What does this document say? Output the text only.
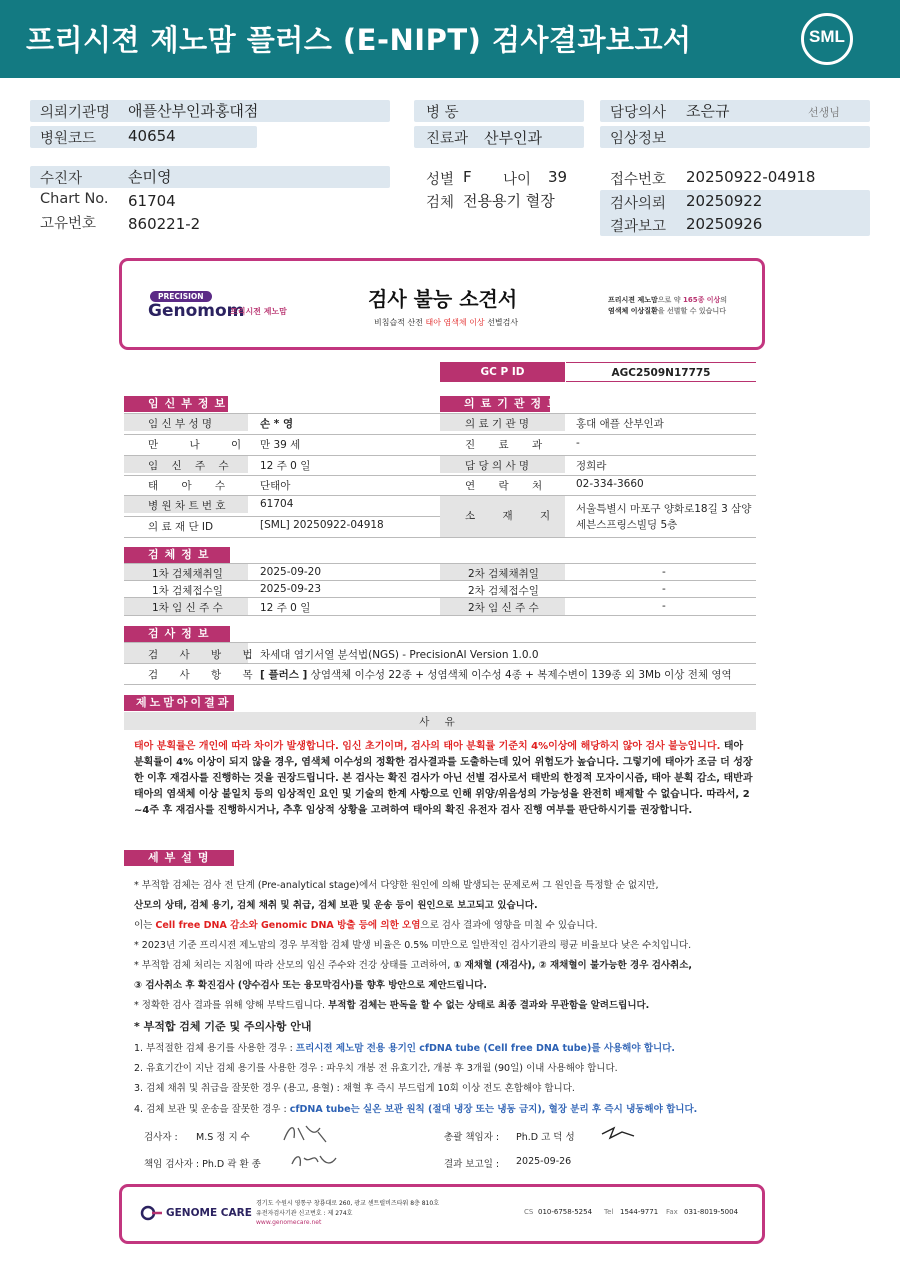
프리시젼 제노맘 플러스 (E-NIPT) 검사결과보고서	SML
의뢰기관명 애플산부인과홍대점
병원코드 40654
병 동
진료과 산부인과
담당의사 조은규	선생님
임상정보
수진자	손미영
Chart No. 61704
고유번호 860221-2
성별 F 나이 39
검체 전용용기 혈장
접수번호 20250922-04918
검사의뢰 20250922
결과보고 20250926
PRECISION
Genomom
프리시젼 제노맘
검사 불능 소견서
비침습적 산전 태아 염색체 이상 선별검사
프리시젼 제노맘으로 약 165종 이상의
염색체 이상질환을 선별할 수 있습니다
GC P ID	AGC2509N17775
임신부정보	의료기관정보
임 신 부 성 명	손 * 영
만 나 이 만 39 세
임 신 주 수	12 주 0 일
태 아 수 단태아
병 원 차 트 번 호	61704
의 료 재 단 ID	[SML] 20250922-04918
의 료 기 관 명	홍대 애플 산부인과
진 료 과 -
담 당 의 사 명	정희라
연 락 처 02-334-3660
소 재 지
서울특별시 마포구 양화로18길 3 삼양
세븐스프링스빌딩 5층
검체정보
1차 검체채취일	2025-09-20	2차 검체채취일	-
1차 검체접수일	2025-09-23	2차 검체접수일	-
1차 임 신 주 수	12 주 0 일	2차 임 신 주 수	-
검사정보
검 사 방 법
차세대 염기서열 분석법(NGS) - PrecisionAI Version 1.0.0
검 사 항 목
[ 플러스 ] 상염색체 이수성 22종 + 성염색체 이수성 4종 + 복제수변이 139종 외 3Mb 이상 전체 영역
제노맘아이결과
사 유
태아 분획률은 개인에 따라 차이가 발생합니다. 임신 초기이며, 검사의 태아 분획률 기준치 4%이상에 해당하지 않아 검사 불능입니다. 태아 분획률이 4% 이상이 되지 않을 경우, 염색체 이수성의 정확한 검사결과를 도출하는데 있어 위험도가 높습니다. 그렇기에 태아가 조금 더 성장한 이후 재검사를 진행하는 것을 권장드립니다. 본 검사는 확진 검사가 아닌 선별 검사로서 태반의 한정적 모자이시즘, 태아 분획 감소, 태반과 태아의 염색체 이상 불일치 등의 임상적인 요인 및 기술의 한계 사항으로 인해 위양/위음성의 가능성을 완전히 배제할 수 없습니다. 따라서, 2~4주 후 재검사를 진행하시거나, 추후 임상적 상황을 고려하여 태아의 확진 유전자 검사 진행 여부를 판단하시기를 권장합니다.
세부설명
* 부적합 검체는 검사 전 단계 (Pre-analytical stage)에서 다양한 원인에 의해 발생되는 문제로써 그 원인을 특정할 순 없지만,
산모의 상태, 검체 용기, 검체 채취 및 취급, 검체 보관 및 운송 등이 원인으로 보고되고 있습니다.
이는 Cell free DNA 감소와 Genomic DNA 방출 등에 의한 오염으로 검사 결과에 영향을 미칠 수 있습니다.
* 2023년 기준 프리시젼 제노맘의 경우 부적합 검체 발생 비율은 0.5% 미만으로 일반적인 검사기관의 평균 비율보다 낮은 수치입니다.
* 부적합 검체 처리는 지침에 따라 산모의 임신 주수와 건강 상태를 고려하여, ① 재채혈 (재검사), ② 재채혈이 불가능한 경우 검사취소,
③ 검사취소 후 확진검사 (양수검사 또는 융모막검사)를 향후 방안으로 제안드립니다.
* 정확한 검사 결과를 위해 양해 부탁드립니다. 부적합 검체는 판독을 할 수 없는 상태로 최종 결과와 무관함을 알려드립니다.
* 부적합 검체 기준 및 주의사항 안내
1. 부적절한 검체 용기를 사용한 경우 : 프리시젼 제노맘 전용 용기인 cfDNA tube (Cell free DNA tube)를 사용해야 합니다.
2. 유효기간이 지난 검체 용기를 사용한 경우 : 파우치 개봉 전 유효기간, 개봉 후 3개월 (90일) 이내 사용해야 합니다.
3. 검체 채취 및 취급을 잘못한 경우 (용고, 용혈) : 채혈 후 즉시 부드럽게 10회 이상 전도 혼합해야 합니다.
4. 검체 보관 및 운송을 잘못한 경우 : cfDNA tube는 실온 보관 원칙 (절대 냉장 또는 냉동 금지), 혈장 분리 후 즉시 냉동해야 합니다.
검사자 : M.S 정 지 수
책임 검사자 : Ph.D 곽 환 종
총괄 책임자 : Ph.D 고 덕 성
결과 보고일 : 2025-09-26
GENOME CARE
경기도 수원시 영통구 창룡대로 260, 광교 센트럴비즈타워 8층 810호
유전자검사기관 신고번호 : 제 274호
www.genomecare.net
CS 010-6758-5254 Tel 1544-9771 Fax 031-8019-5004
